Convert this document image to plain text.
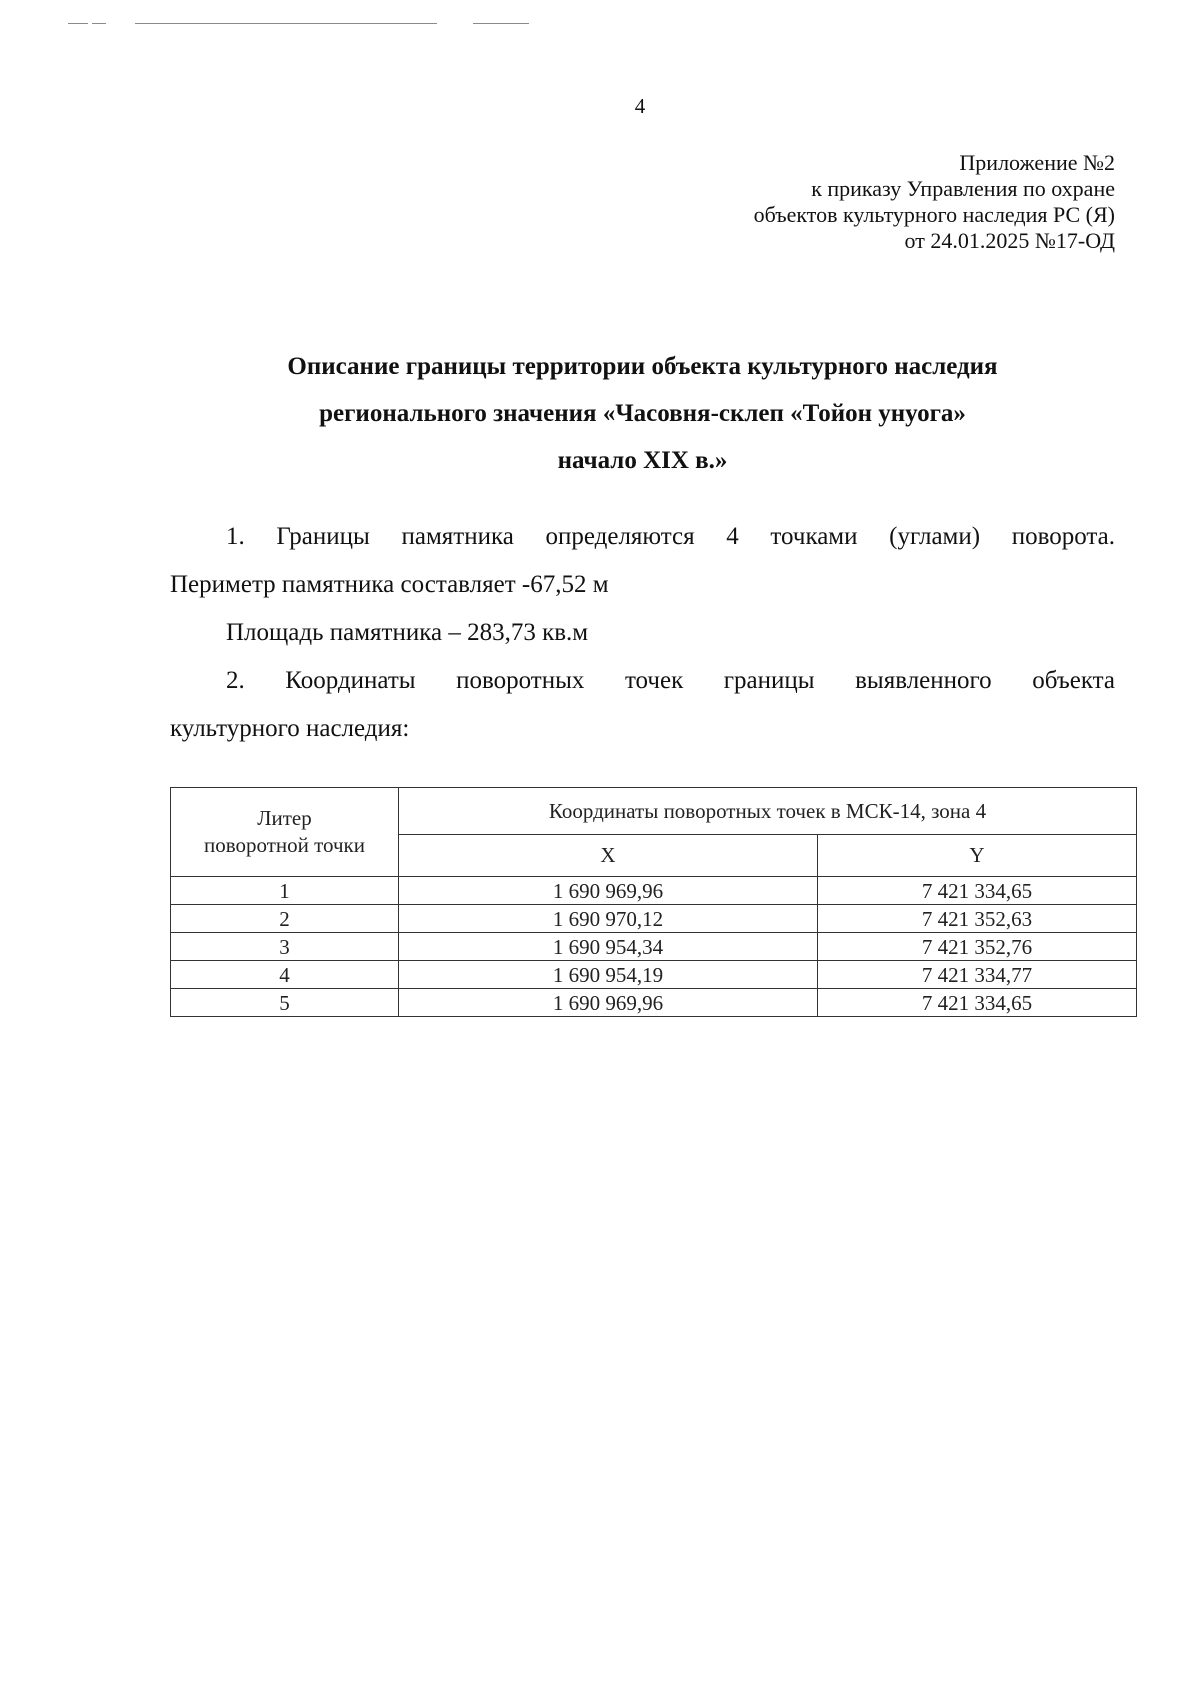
4
Приложение №2
к приказу Управления по охране
объектов культурного наследия РС (Я)
от 24.01.2025 №17-ОД
Описание границы территории объекта культурного наследия
регионального значения «Часовня-склеп «Тойон унуога»
начало XIX в.»
1. Границы памятника определяются 4 точками (углами) поворота.
Периметр памятника составляет -67,52 м
Площадь памятника – 283,73 кв.м
2. Координаты поворотных точек границы выявленного объекта
культурного наследия:
Литер
поворотной точки	Координаты поворотных точек в МСК-14, зона 4	
	X	Y
1	1 690 969,96	7 421 334,65
2	1 690 970,12	7 421 352,63
3	1 690 954,34	7 421 352,76
4	1 690 954,19	7 421 334,77
5	1 690 969,96	7 421 334,65
